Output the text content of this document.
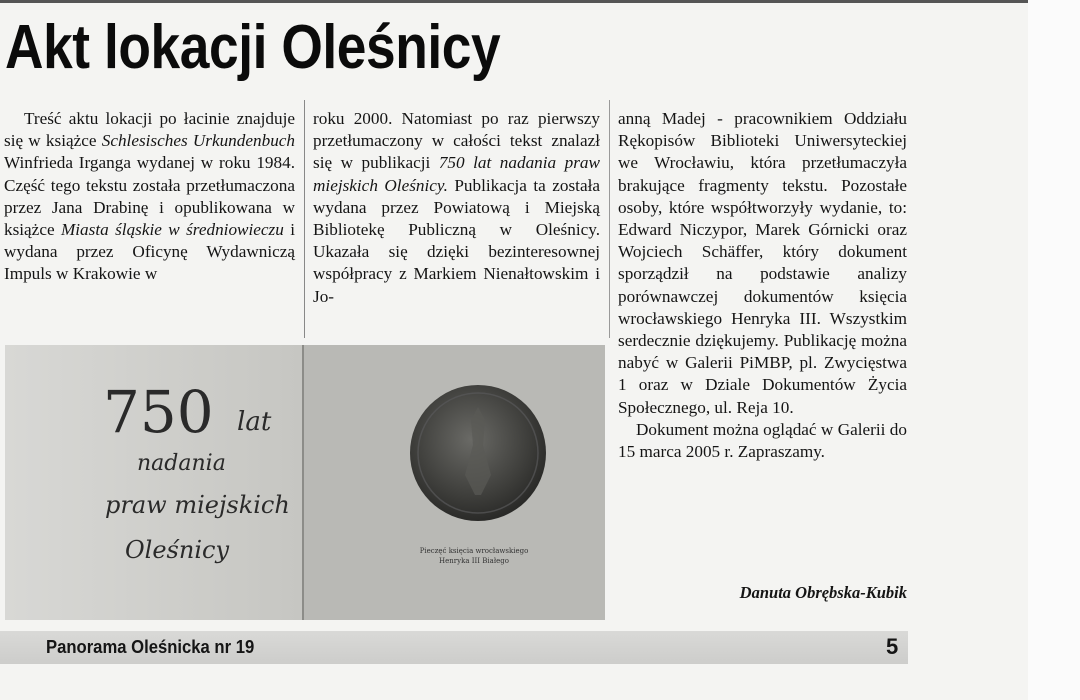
Akt lokacji Oleśnicy

Treść aktu lokacji po łacinie znajduje się w książce Schlesisches Urkundenbuch Winfrieda Irganga wydanej w roku 1984. Część tego tekstu została przetłumaczona przez Jana Drabinę i opublikowana w książce Miasta śląskie w średniowieczu i wydana przez Oficynę Wydawniczą Impuls w Krakowie w

roku 2000. Natomiast po raz pierwszy przetłumaczony w całości tekst znalazł się w publikacji 750 lat nadania praw miejskich Oleśnicy. Publikacja ta została wydana przez Powiatową i Miejską Bibliotekę Publiczną w Oleśnicy. Ukazała się dzięki bezinteresownej współpracy z Markiem Nienałtowskim i Jo-

anną Madej - pracownikiem Oddziału Rękopisów Biblioteki Uniwersyteckiej we Wrocławiu, która przetłumaczyła brakujące fragmenty tekstu. Pozostałe osoby, które współtworzyły wydanie, to: Edward Niczypor, Marek Górnicki oraz Wojciech Schäffer, który dokument sporządził na podstawie analizy porównawczej dokumentów księcia wrocławskiego Henryka III. Wszystkim serdecznie dziękujemy. Publikację można nabyć w Galerii PiMBP, pl. Zwycięstwa 1 oraz w Dziale Dokumentów Życia Społecznego, ul. Reja 10.

Dokument można oglądać w Galerii do 15 marca 2005 r. Zapraszamy.

Danuta Obrębska-Kubik
750 lat
nadania
praw miejskich
Oleśnicy	Pieczęć księcia wrocławskiego
Henryka III Białego
Panorama Oleśnicka nr 19	5
